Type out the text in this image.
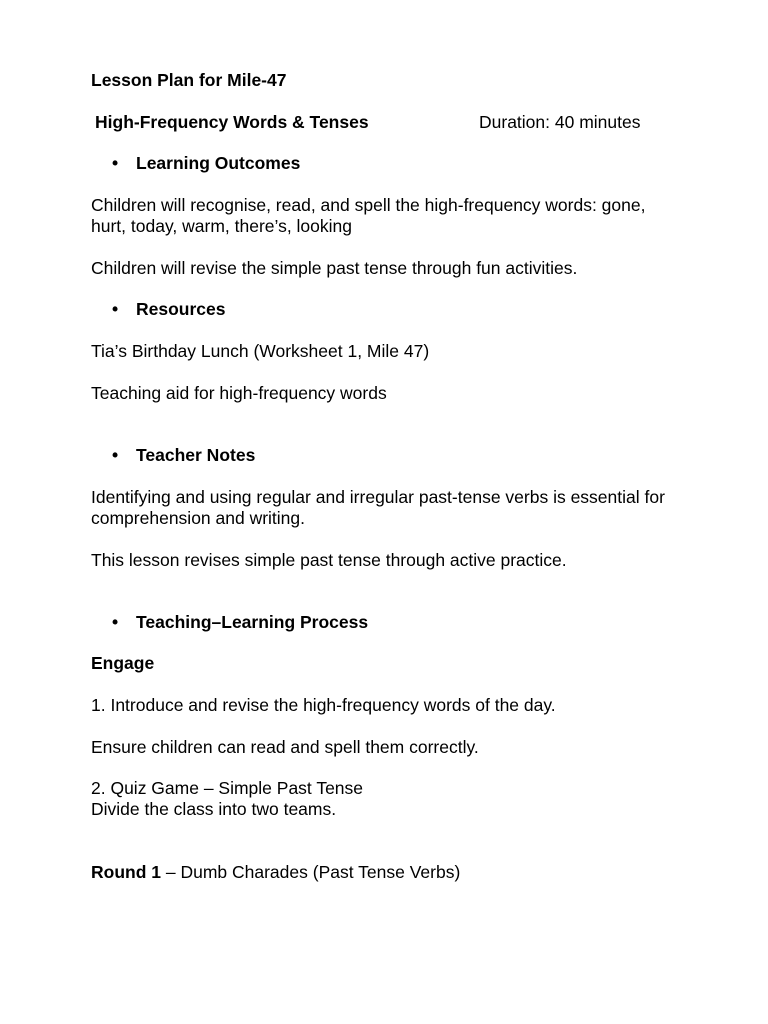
Lesson Plan for Mile-47
High-Frequency Words & Tenses	Duration: 40 minutes
• Learning Outcomes
Children will recognise, read, and spell the high-frequency words: gone,
hurt, today, warm, there’s, looking
Children will revise the simple past tense through fun activities.
• Resources
Tia’s Birthday Lunch (Worksheet 1, Mile 47)
Teaching aid for high-frequency words
• Teacher Notes
Identifying and using regular and irregular past-tense verbs is essential for
comprehension and writing.
This lesson revises simple past tense through active practice.
• Teaching–Learning Process
Engage
1. Introduce and revise the high-frequency words of the day.
Ensure children can read and spell them correctly.
2. Quiz Game – Simple Past Tense
Divide the class into two teams.
Round 1 – Dumb Charades (Past Tense Verbs)
